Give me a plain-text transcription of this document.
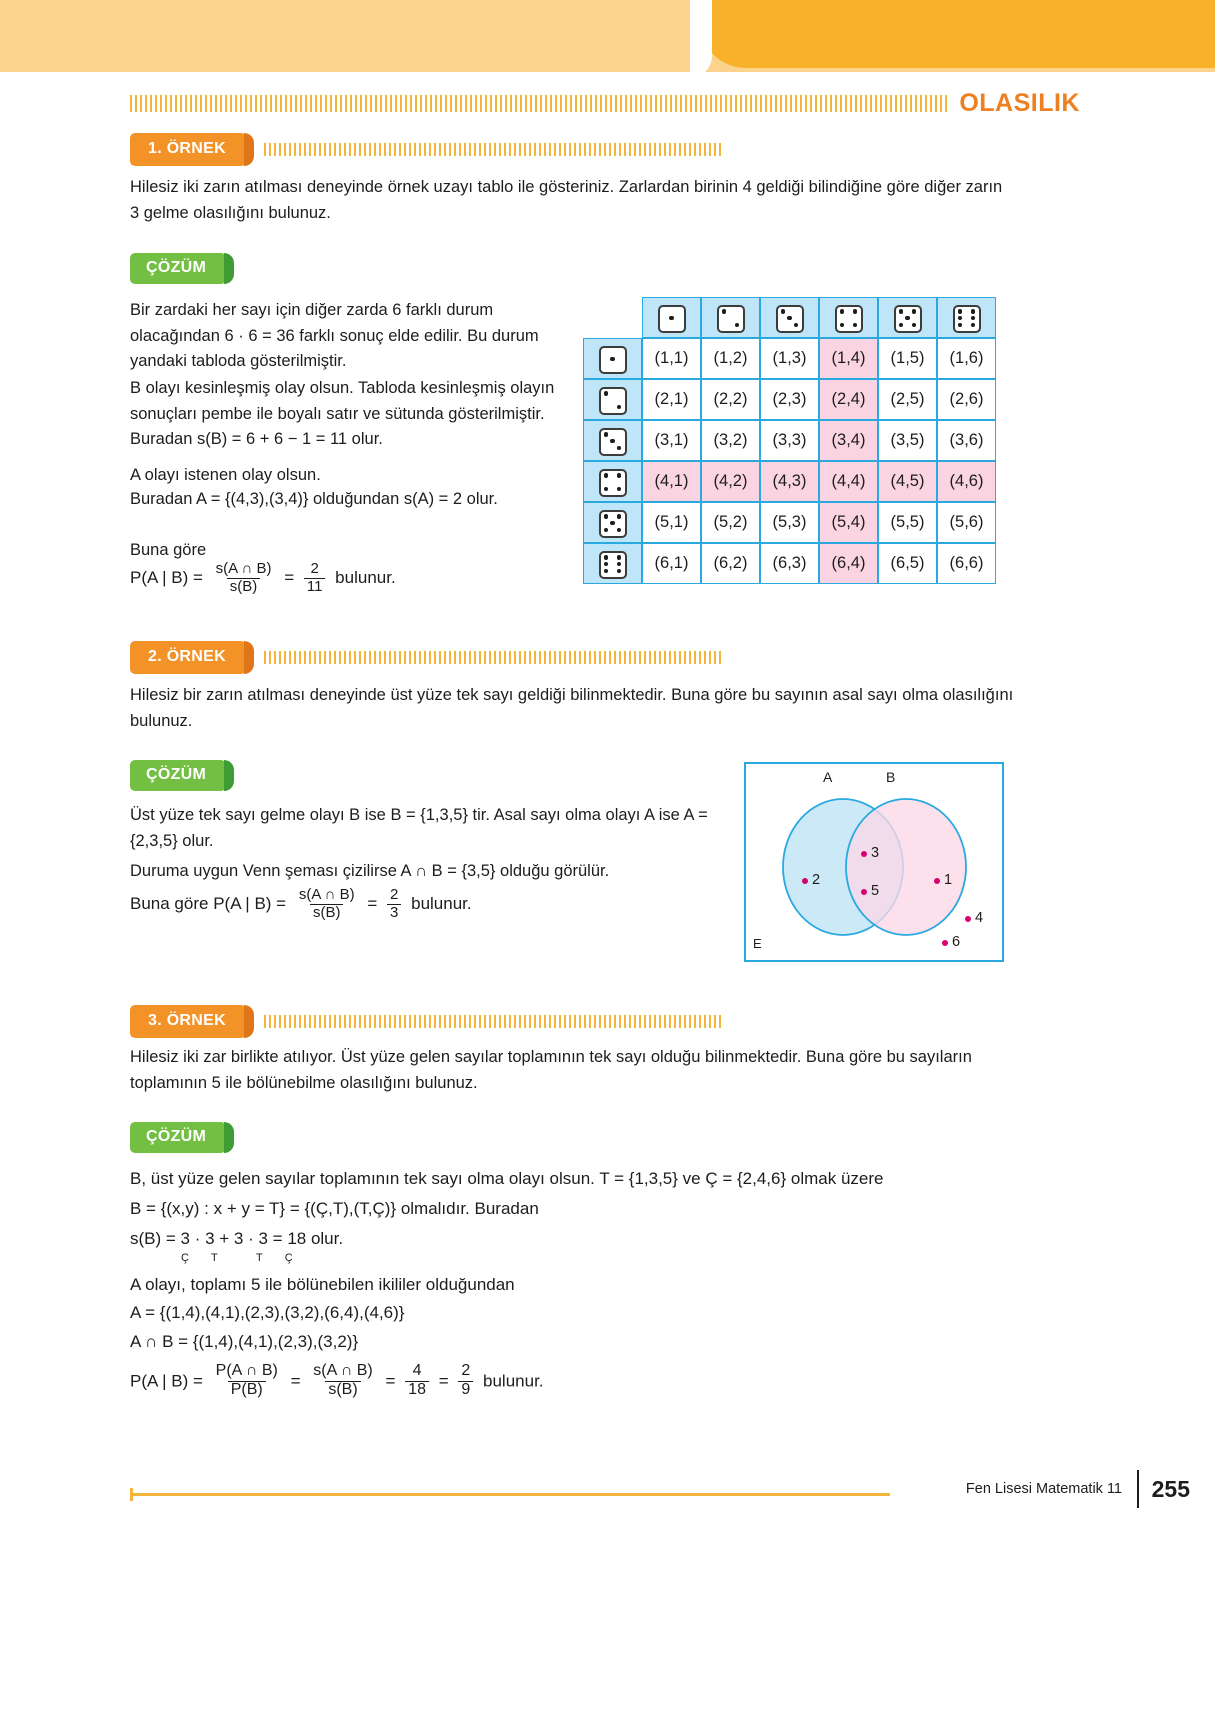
OLASILIK
1. ÖRNEK
Hilesiz iki zarın atılması deneyinde örnek uzayı tablo ile gösteriniz. Zarlardan birinin 4 geldiği bilindiğine göre diğer zarın 3 gelme olasılığını bulunuz.
ÇÖZÜM
Bir zardaki her sayı için diğer zarda 6 farklı durum olacağından 6 · 6 = 36 farklı sonuç elde edilir. Bu durum yandaki tabloda gösterilmiştir.
B olayı kesinleşmiş olay olsun. Tabloda kesinleşmiş olayın sonuçları pembe ile boyalı satır ve sütunda gösterilmiştir. Buradan s(B) = 6 + 6 − 1 = 11 olur.
A olayı istenen olay olsun.
Buradan A = {(4,3),(3,4)} olduğundan s(A) = 2 olur.
Buna göre
P(A | $B) = \frac{s(A \cap B)}{s(B)} = \frac{2}{11}$ bulunur.

	(1,1)	(1,2)	(1,3)	(1,4)	(1,5)	(1,6)

	(2,1)	(2,2)	(2,3)	(2,4)	(2,5)	(2,6)

	(3,1)	(3,2)	(3,3)	(3,4)	(3,5)	(3,6)

	(4,1)	(4,2)	(4,3)	(4,4)	(4,5)	(4,6)

	(5,1)	(5,2)	(5,3)	(5,4)	(5,5)	(5,6)

	(6,1)	(6,2)	(6,3)	(6,4)	(6,5)	(6,6)
2. ÖRNEK
Hilesiz bir zarın atılması deneyinde üst yüze tek sayı geldiği bilinmektedir. Buna göre bu sayının asal sayı olma olasılığını bulunuz.
ÇÖZÜM
Üst yüze tek sayı gelme olayı B ise B = {1,3,5} tir. Asal sayı olma olayı A ise A = {2,3,5} olur.
Duruma uygun Venn şeması çizilirse A ∩ B = {3,5} olduğu görülür.
Buna göre P(A | $B) = \frac{s(A \cap B)}{s(B)} = \frac{2}{3}$ bulunur.
A	B
E
2
3
5
1
4
6
3. ÖRNEK
Hilesiz iki zar birlikte atılıyor. Üst yüze gelen sayılar toplamının tek sayı olduğu bilinmektedir. Buna göre bu sayıların toplamının 5 ile bölünebilme olasılığını bulunuz.
ÇÖZÜM
B, üst yüze gelen sayılar toplamının tek sayı olma olayı olsun. T = {1,3,5} ve Ç = {2,4,6} olmak üzere
B = {(x,y) : x + y = T} = {(Ç,T),(T,Ç)} olmalıdır. Buradan
s(B) = 3 · 3 + 3 · 3 = 18 olur.
ÇT TÇ
A olayı, toplamı 5 ile bölünebilen ikililer olduğundan
A = {(1,4),(4,1),(2,3),(3,2),(6,4),(4,6)}
A ∩ B = {(1,4),(4,1),(2,3),(3,2)}
P(A | $B) = \frac{P(A \cap B)}{P(B)} = \frac{s(A \cap B)}{s(B)} = \frac{4}{18} = \frac{2}{9}$ bulunur.
Fen Lisesi Matematik 11 255
